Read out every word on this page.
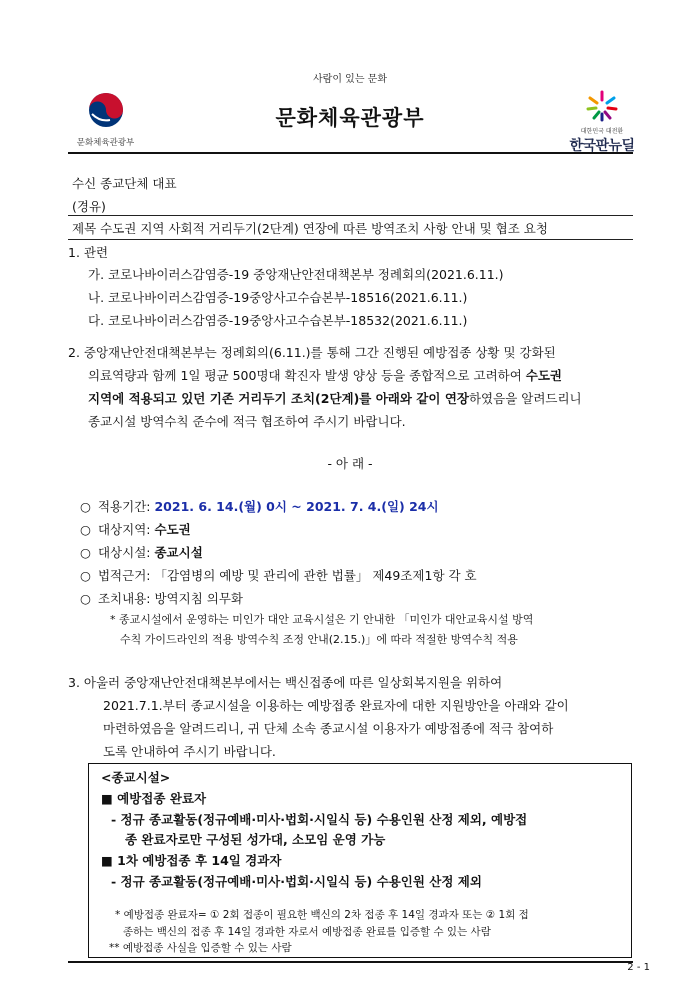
사람이 있는 문화
문화체육관광부
문화체육관광부
대한민국 대전환
한국판뉴딜
수신 종교단체 대표
(경유)
제목 수도권 지역 사회적 거리두기(2단계) 연장에 따른 방역조치 사항 안내 및 협조 요청
1. 관련
가. 코로나바이러스감염증-19 중앙재난안전대책본부 정례회의(2021.6.11.)
나. 코로나바이러스감염증-19중앙사고수습본부-18516(2021.6.11.)
다. 코로나바이러스감염증-19중앙사고수습본부-18532(2021.6.11.)
2. 중앙재난안전대책본부는 정례회의(6.11.)를 통해 그간 진행된 예방접종 상황 및 강화된
의료역량과 함께 1일 평균 500명대 확진자 발생 양상 등을 종합적으로 고려하여 수도권
지역에 적용되고 있던 기존 거리두기 조치(2단계)를 아래와 같이 연장하였음을 알려드리니
종교시설 방역수칙 준수에 적극 협조하여 주시기 바랍니다.
- 아 래 -
○ 적용기간: 2021. 6. 14.(월) 0시 ~ 2021. 7. 4.(일) 24시
○ 대상지역: 수도권
○ 대상시설: 종교시설
○ 법적근거: 「감염병의 예방 및 관리에 관한 법률」 제49조제1항 각 호
○ 조치내용: 방역지침 의무화
* 종교시설에서 운영하는 미인가 대안 교육시설은 기 안내한 「미인가 대안교육시설 방역
수칙 가이드라인의 적용 방역수칙 조정 안내(2.15.)」에 따라 적절한 방역수칙 적용
3. 아울러 중앙재난안전대책본부에서는 백신접종에 따른 일상회복지원을 위하여
2021.7.1.부터 종교시설을 이용하는 예방접종 완료자에 대한 지원방안을 아래와 같이
마련하였음을 알려드리니, 귀 단체 소속 종교시설 이용자가 예방접종에 적극 참여하
도록 안내하여 주시기 바랍니다.
<종교시설>
■ 예방접종 완료자
- 정규 종교활동(정규예배·미사·법회·시일식 등) 수용인원 산정 제외, 예방접
종 완료자로만 구성된 성가대, 소모임 운영 가능
■ 1차 예방접종 후 14일 경과자
- 정규 종교활동(정규예배·미사·법회·시일식 등) 수용인원 산정 제외
* 예방접종 완료자= ① 2회 접종이 필요한 백신의 2차 접종 후 14일 경과자 또는 ② 1회 접
종하는 백신의 접종 후 14일 경과한 자로서 예방접종 완료를 입증할 수 있는 사람
** 예방접종 사실을 입증할 수 있는 사람
2 - 1
